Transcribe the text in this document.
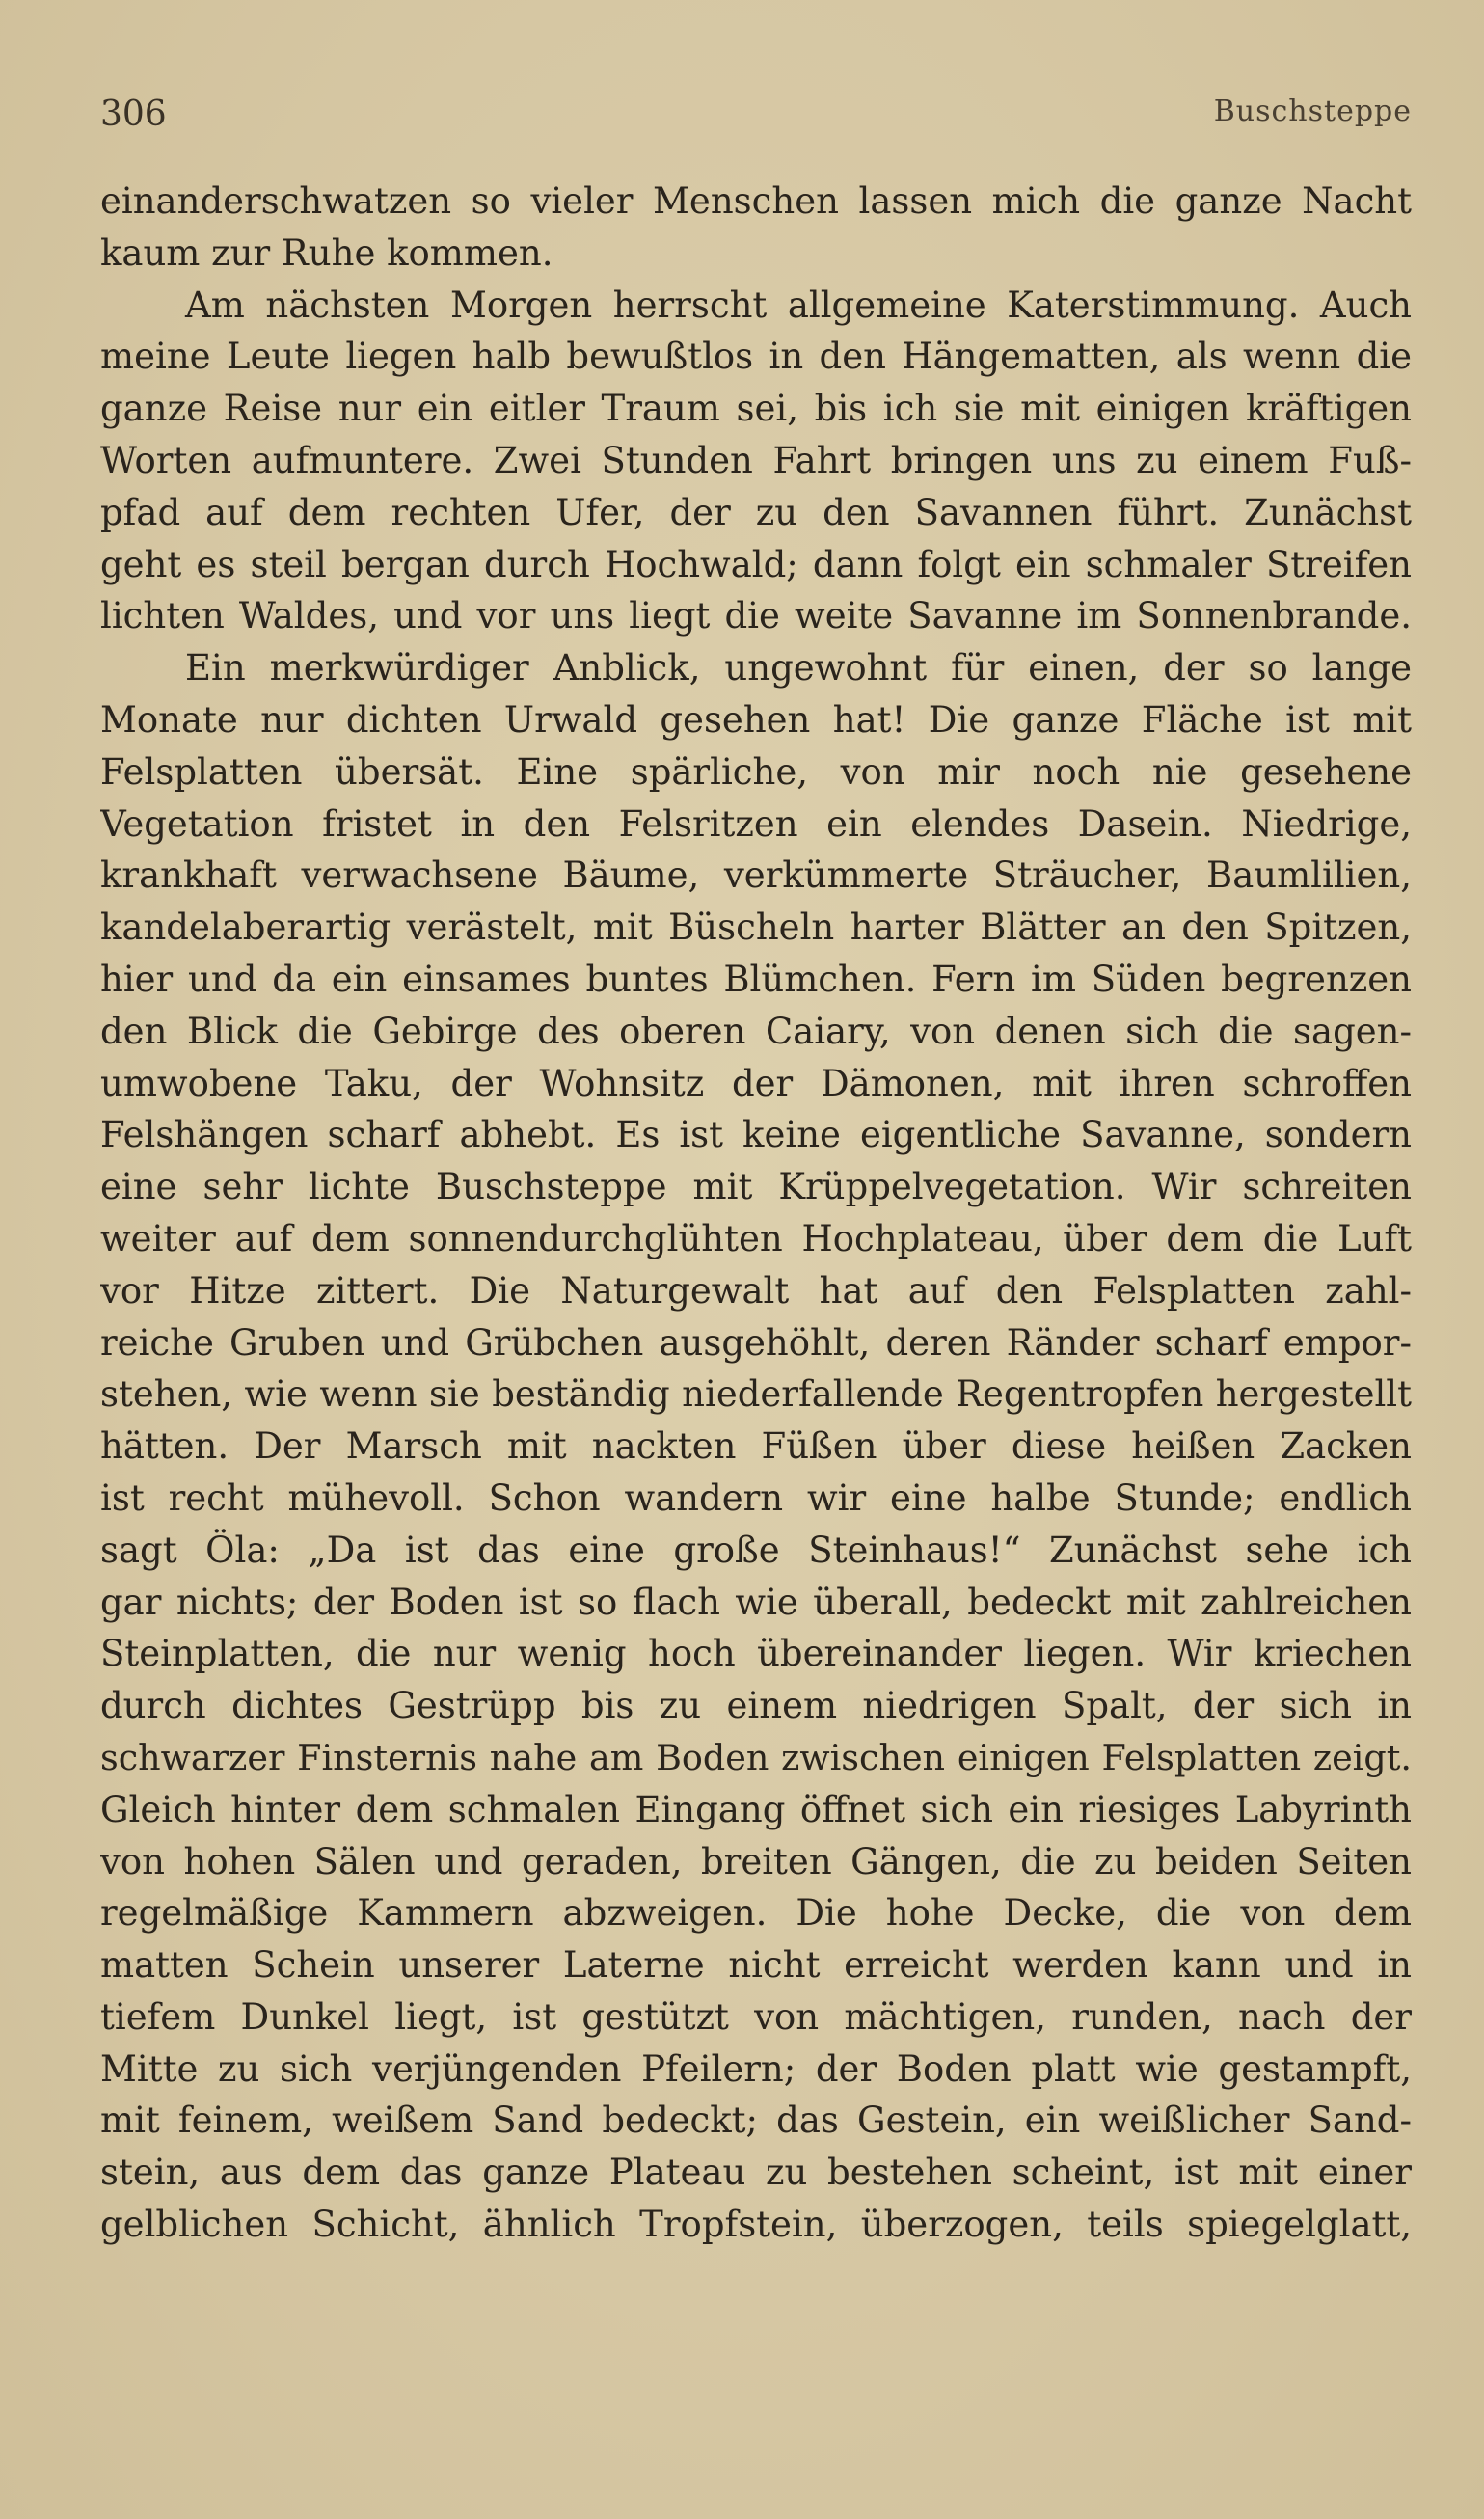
306	Buschsteppe
einanderschwatzen so vieler Menschen lassen mich die ganze Nacht
kaum zur Ruhe kommen.
Am nächsten Morgen herrscht allgemeine Katerstimmung. Auch
meine Leute liegen halb bewußtlos in den Hängematten, als wenn die
ganze Reise nur ein eitler Traum sei, bis ich sie mit einigen kräftigen
Worten aufmuntere. Zwei Stunden Fahrt bringen uns zu einem Fuß-
pfad auf dem rechten Ufer, der zu den Savannen führt. Zunächst
geht es steil bergan durch Hochwald; dann folgt ein schmaler Streifen
lichten Waldes, und vor uns liegt die weite Savanne im Sonnenbrande.
Ein merkwürdiger Anblick, ungewohnt für einen, der so lange
Monate nur dichten Urwald gesehen hat! Die ganze Fläche ist mit
Felsplatten übersät. Eine spärliche, von mir noch nie gesehene
Vegetation fristet in den Felsritzen ein elendes Dasein. Niedrige,
krankhaft verwachsene Bäume, verkümmerte Sträucher, Baumlilien,
kandelaberartig verästelt, mit Büscheln harter Blätter an den Spitzen,
hier und da ein einsames buntes Blümchen. Fern im Süden begrenzen
den Blick die Gebirge des oberen Caiary, von denen sich die sagen-
umwobene Taku, der Wohnsitz der Dämonen, mit ihren schroffen
Felshängen scharf abhebt. Es ist keine eigentliche Savanne, sondern
eine sehr lichte Buschsteppe mit Krüppelvegetation. Wir schreiten
weiter auf dem sonnendurchglühten Hochplateau, über dem die Luft
vor Hitze zittert. Die Naturgewalt hat auf den Felsplatten zahl-
reiche Gruben und Grübchen ausgehöhlt, deren Ränder scharf empor-
stehen, wie wenn sie beständig niederfallende Regentropfen hergestellt
hätten. Der Marsch mit nackten Füßen über diese heißen Zacken
ist recht mühevoll. Schon wandern wir eine halbe Stunde; endlich
sagt Öla: „Da ist das eine große Steinhaus!“ Zunächst sehe ich
gar nichts; der Boden ist so flach wie überall, bedeckt mit zahlreichen
Steinplatten, die nur wenig hoch übereinander liegen. Wir kriechen
durch dichtes Gestrüpp bis zu einem niedrigen Spalt, der sich in
schwarzer Finsternis nahe am Boden zwischen einigen Felsplatten zeigt.
Gleich hinter dem schmalen Eingang öffnet sich ein riesiges Labyrinth
von hohen Sälen und geraden, breiten Gängen, die zu beiden Seiten
regelmäßige Kammern abzweigen. Die hohe Decke, die von dem
matten Schein unserer Laterne nicht erreicht werden kann und in
tiefem Dunkel liegt, ist gestützt von mächtigen, runden, nach der
Mitte zu sich verjüngenden Pfeilern; der Boden platt wie gestampft,
mit feinem, weißem Sand bedeckt; das Gestein, ein weißlicher Sand-
stein, aus dem das ganze Plateau zu bestehen scheint, ist mit einer
gelblichen Schicht, ähnlich Tropfstein, überzogen, teils spiegelglatt,
